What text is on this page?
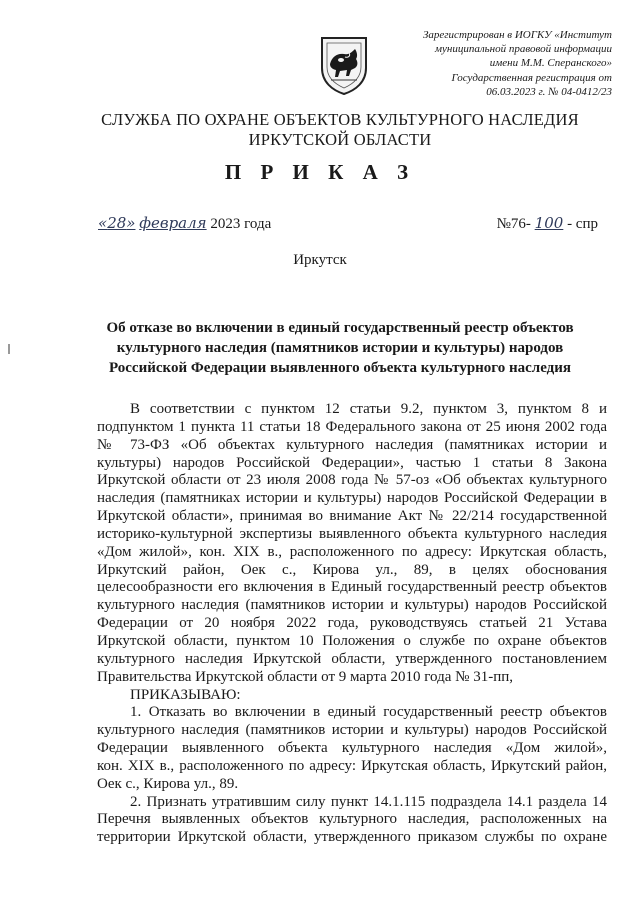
Зарегистрирован в ИОГКУ «Институт
муниципальной правовой информации
имени М.М. Сперанского»
Государственная регистрация от
06.03.2023 г. № 04-0412/23
СЛУЖБА ПО ОХРАНЕ ОБЪЕКТОВ КУЛЬТУРНОГО НАСЛЕДИЯ
ИРКУТСКОЙ ОБЛАСТИ
П Р И К А З
«28» февраля 2023 года	№76- 100 - спр
Иркутск
Об отказе во включении в единый государственный реестр объектов
культурного наследия (памятников истории и культуры) народов
Российской Федерации выявленного объекта культурного наследия
В соответствии с пунктом 12 статьи 9.2, пунктом 3, пунктом 8 и
подпунктом 1 пункта 11 статьи 18 Федерального закона от 25 июня 2002 года
№ 73-ФЗ «Об объектах культурного наследия (памятниках истории и
культуры) народов Российской Федерации», частью 1 статьи 8 Закона
Иркутской области от 23 июля 2008 года № 57-оз «Об объектах культурного
наследия (памятниках истории и культуры) народов Российской Федерации в
Иркутской области», принимая во внимание Акт № 22/214 государственной
историко-культурной экспертизы выявленного объекта культурного наследия
«Дом жилой», кон. XIX в., расположенного по адресу: Иркутская область,
Иркутский район, Оек с., Кирова ул., 89, в целях обоснования
целесообразности его включения в Единый государственный реестр объектов
культурного наследия (памятников истории и культуры) народов Российской
Федерации от 20 ноября 2022 года, руководствуясь статьей 21 Устава
Иркутской области, пунктом 10 Положения о службе по охране объектов
культурного наследия Иркутской области, утвержденного постановлением
Правительства Иркутской области от 9 марта 2010 года № 31-пп,
ПРИКАЗЫВАЮ:
1. Отказать во включении в единый государственный реестр объектов
культурного наследия (памятников истории и культуры) народов Российской
Федерации выявленного объекта культурного наследия «Дом жилой»,
кон. XIX в., расположенного по адресу: Иркутская область, Иркутский район,
Оек с., Кирова ул., 89.
2. Признать утратившим силу пункт 14.1.115 подраздела 14.1 раздела 14
Перечня выявленных объектов культурного наследия, расположенных на
территории Иркутской области, утвержденного приказом службы по охране
